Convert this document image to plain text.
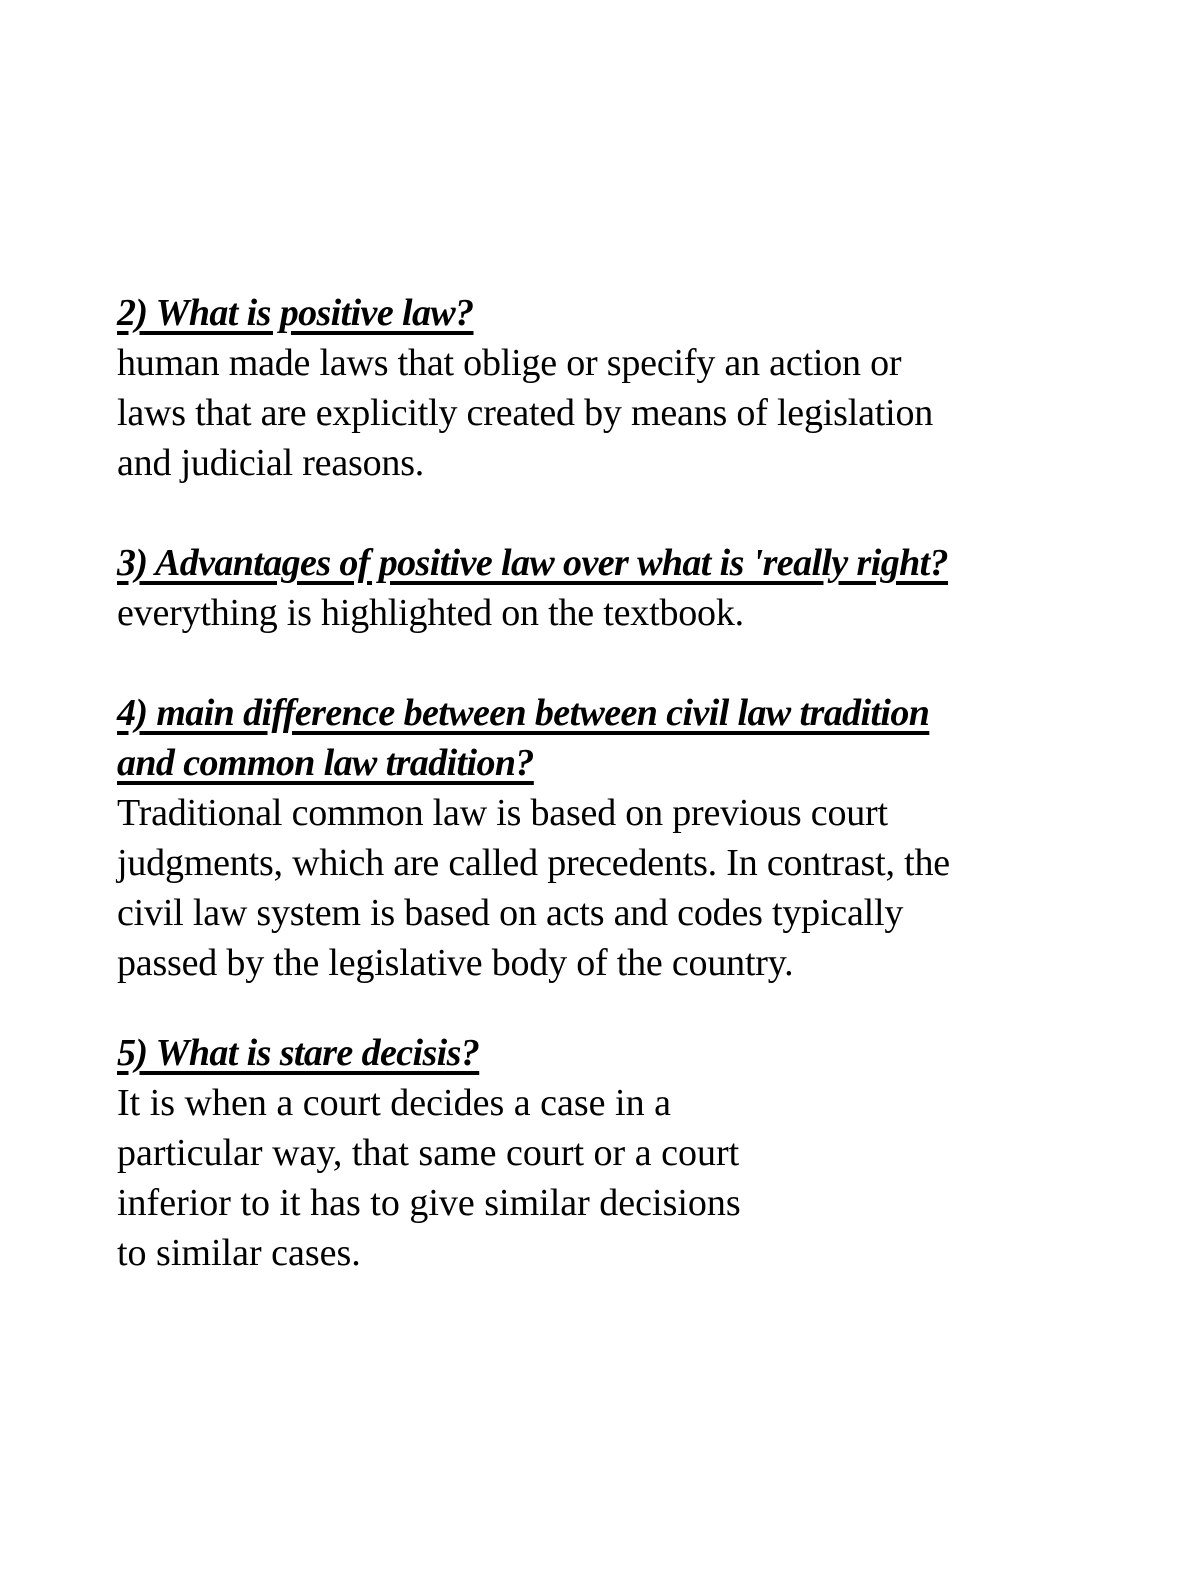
2) What is positive law?

human made laws that oblige or specify an action or
laws that are explicitly created by means of legislation
and judicial reasons.

3) Advantages of positive law over what is 'really right?

everything is highlighted on the textbook.

4) main difference between between civil law tradition
and common law tradition?

Traditional common law is based on previous court
judgments, which are called precedents. In contrast, the
civil law system is based on acts and codes typically
passed by the legislative body of the country.

5) What is stare decisis?

It is when a court decides a case in a
particular way, that same court or a court
inferior to it has to give similar decisions
to similar cases.
